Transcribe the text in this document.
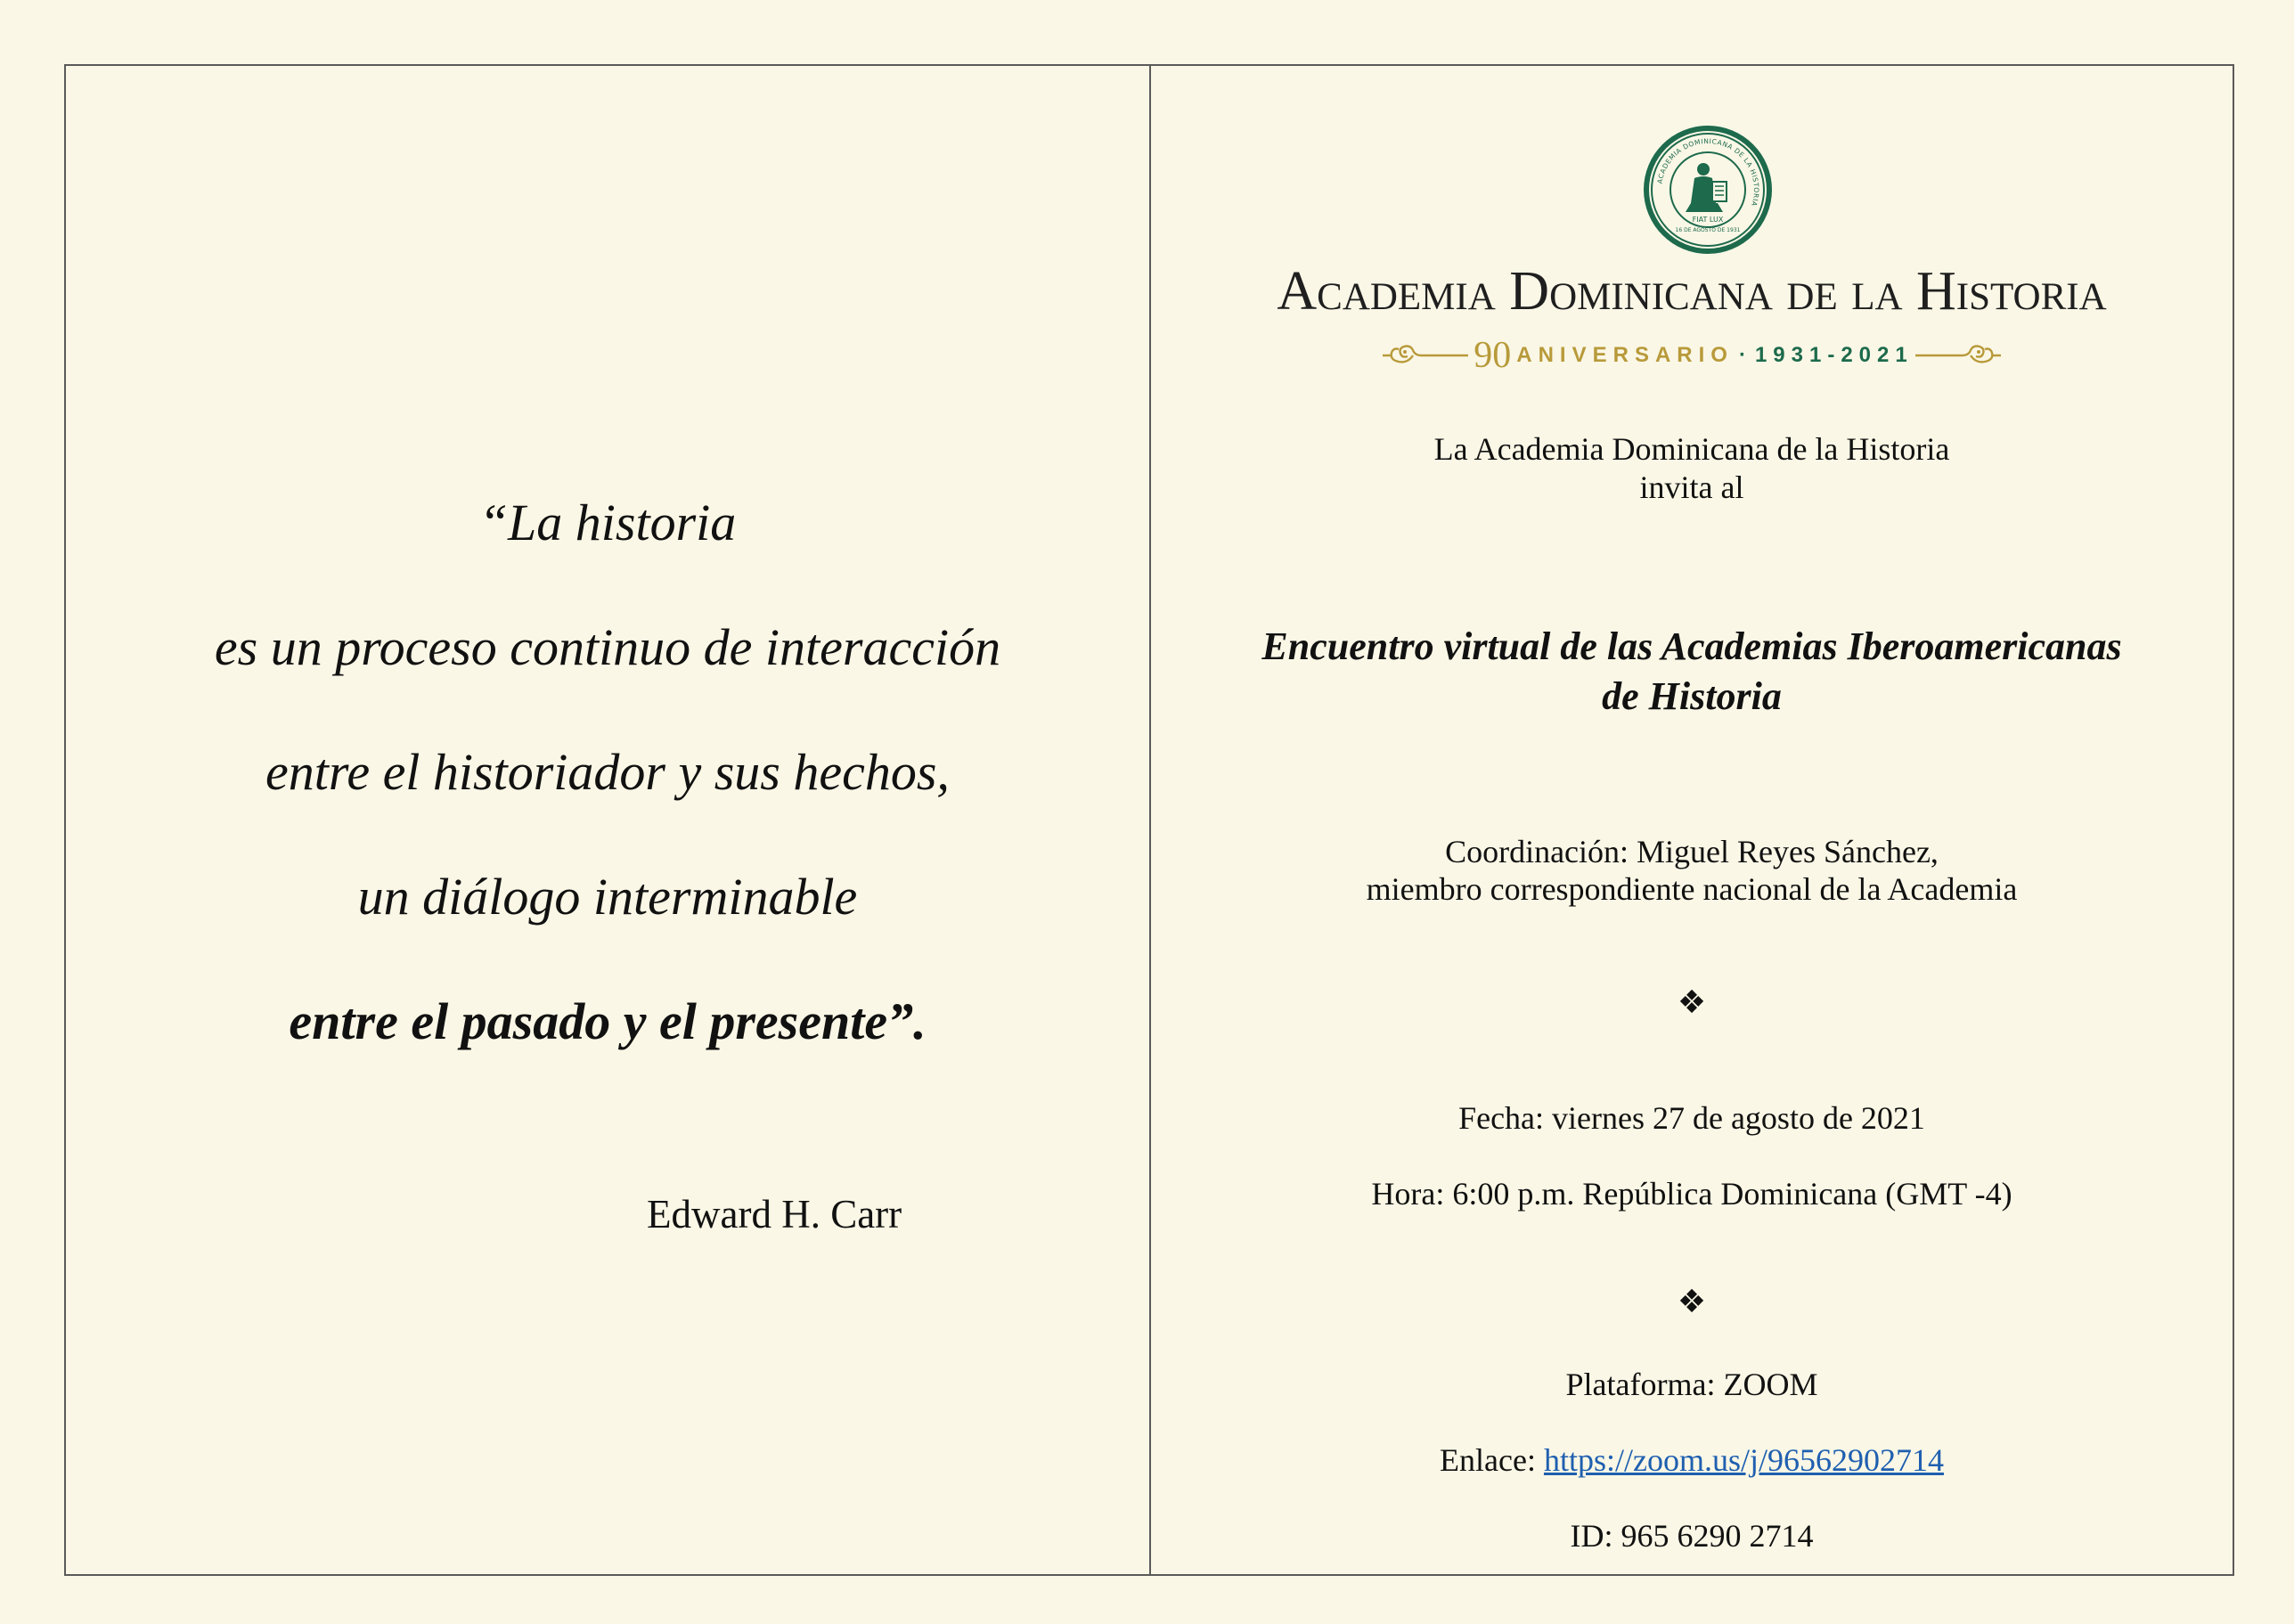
“La historia
es un proceso continuo de interacción
entre el historiador y sus hechos,
un diálogo interminable
entre el pasado y el presente”.
Edward H. Carr
ACADEMIA DOMINICANA DE LA HISTORIA
FIAT LUX
16 DE AGOSTO DE 1931
Academia Dominicana de la Historia
90 ANIVERSARIO · 1931-2021
La Academia Dominicana de la Historia
invita al
Encuentro virtual de las Academias Iberoamericanas
de Historia
Coordinación: Miguel Reyes Sánchez,
miembro correspondiente nacional de la Academia
❖
Fecha: viernes 27 de agosto de 2021
Hora: 6:00 p.m. República Dominicana (GMT -4)
❖
Plataforma: ZOOM
Enlace: https://zoom.us/j/96562902714
ID: 965 6290 2714
